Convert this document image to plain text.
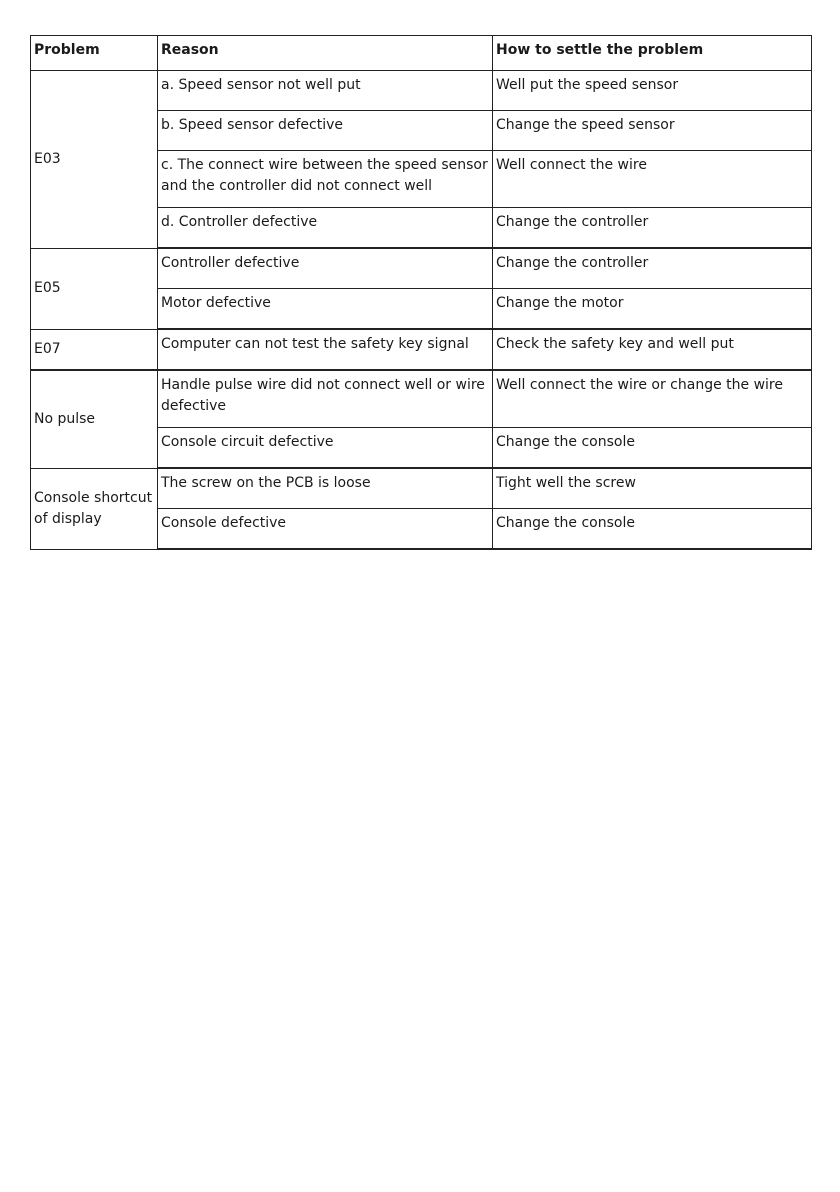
Problem	Reason	How to settle the problem
E03	a. Speed sensor not well put	Well put the speed sensor
	b. Speed sensor defective	Change the speed sensor
	c. The connect wire between the speed sensor and the controller did not connect well	Well connect the wire
	d. Controller defective	Change the controller
E05	Controller defective	Change the controller
	Motor defective	Change the motor
E07	Computer can not test the safety key signal	Check the safety key and well put
No pulse	Handle pulse wire did not connect well or wire defective	Well connect the wire or change the wire
	Console circuit defective	Change the console
Console shortcut of display	The screw on the PCB is loose	Tight well the screw
	Console defective	Change the console
